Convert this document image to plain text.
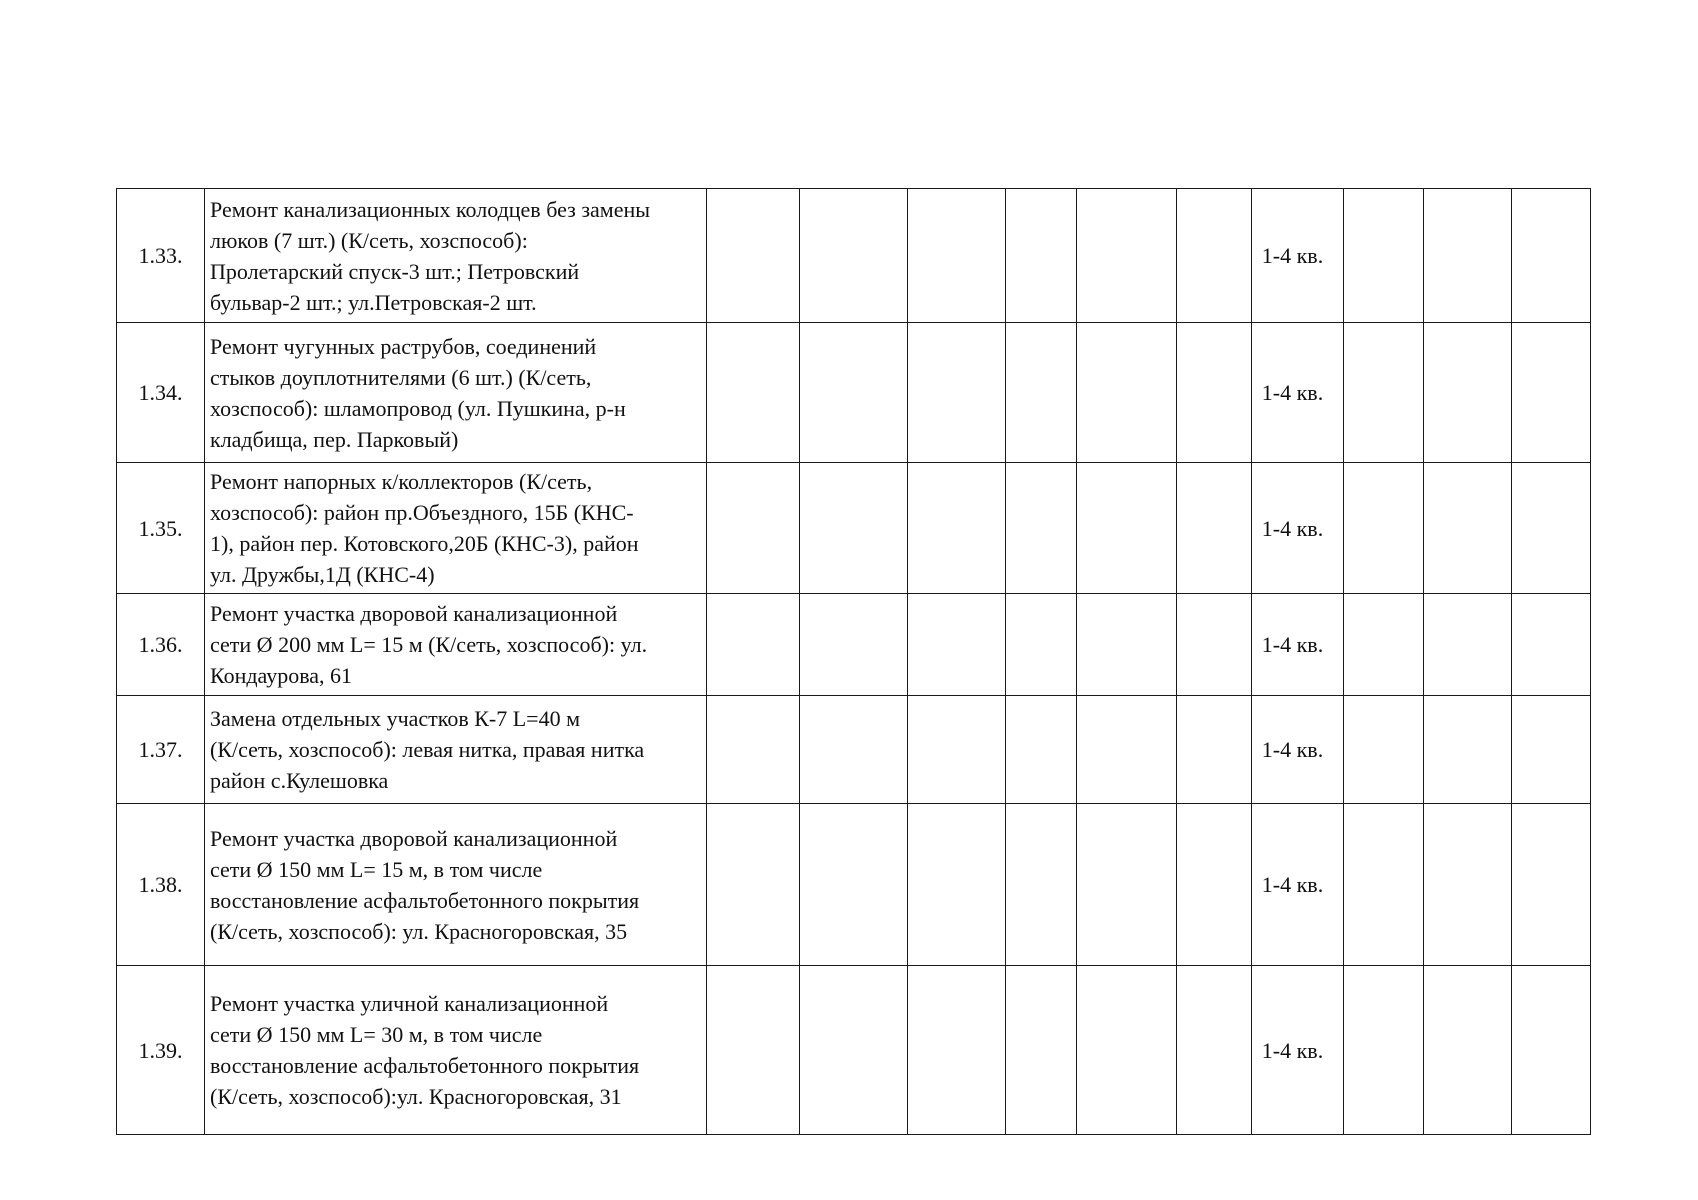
1.33.	Ремонт канализационных колодцев без замены
люков (7 шт.) (К/сеть, хозспособ):
Пролетарский спуск-3 шт.; Петровский
бульвар-2 шт.; ул.Петровская-2 шт.							1-4 кв.			
1.34.	Ремонт чугунных раструбов, соединений
стыков доуплотнителями (6 шт.) (К/сеть,
хозспособ): шламопровод (ул. Пушкина, р-н
кладбища, пер. Парковый)							1-4 кв.			
1.35.	Ремонт напорных к/коллекторов (К/сеть,
хозспособ): район пр.Объездного, 15Б (КНС-
1), район пер. Котовского,20Б (КНС-3), район
ул. Дружбы,1Д (КНС-4)							1-4 кв.			
1.36.	Ремонт участка дворовой канализационной
сети Ø 200 мм L= 15 м (К/сеть, хозспособ): ул.
Кондаурова, 61							1-4 кв.			
1.37.	Замена отдельных участков К-7 L=40 м
(К/сеть, хозспособ): левая нитка, правая нитка
район с.Кулешовка							1-4 кв.			
1.38.	Ремонт участка дворовой канализационной
сети Ø 150 мм L= 15 м, в том числе
восстановление асфальтобетонного покрытия
(К/сеть, хозспособ): ул. Красногоровская, 35							1-4 кв.			
1.39.	Ремонт участка уличной канализационной
сети Ø 150 мм L= 30 м, в том числе
восстановление асфальтобетонного покрытия
(К/сеть, хозспособ):ул. Красногоровская, 31							1-4 кв.			
